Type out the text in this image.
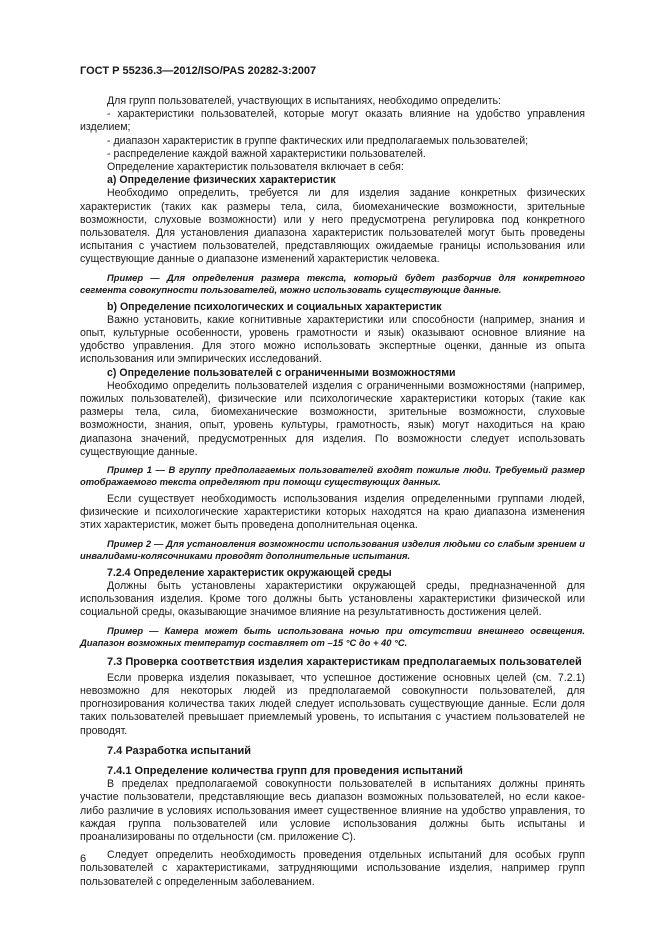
ГОСТ Р 55236.3—2012/ISO/PAS 20282-3:2007

Для групп пользователей, участвующих в испытаниях, необходимо определить:

- характеристики пользователей, которые могут оказать влияние на удобство управления изделием;

- диапазон характеристик в группе фактических или предполагаемых пользователей;

- распределение каждой важной характеристики пользователей.

Определение характеристик пользователя включает в себя:

a) Определение физических характеристик

Необходимо определить, требуется ли для изделия задание конкретных физических характеристик (таких как размеры тела, сила, биомеханические возможности, зрительные возможности, слуховые возможности) или у него предусмотрена регулировка под конкретного пользователя. Для установления диапазона характеристик пользователей могут быть проведены испытания с участием пользователей, представляющих ожидаемые границы использования или существующие данные о диапазоне изменений характеристик человека.

Пример — Для определения размера текста, который будет разборчив для конкретного сегмента совокупности пользователей, можно использовать существующие данные.

b) Определение психологических и социальных характеристик

Важно установить, какие когнитивные характеристики или способности (например, знания и опыт, культурные особенности, уровень грамотности и язык) оказывают основное влияние на удобство управления. Для этого можно использовать экспертные оценки, данные из опыта использования или эмпирических исследований.

c) Определение пользователей с ограниченными возможностями

Необходимо определить пользователей изделия с ограниченными возможностями (например, пожилых пользователей), физические или психологические характеристики которых (такие как размеры тела, сила, биомеханические возможности, зрительные возможности, слуховые возможности, знания, опыт, уровень культуры, грамотность, язык) могут находиться на краю диапазона значений, предусмотренных для изделия. По возможности следует использовать существующие данные.

Пример 1 — В группу предполагаемых пользователей входят пожилые люди. Требуемый размер отображаемого текста определяют при помощи существующих данных.

Если существует необходимость использования изделия определенными группами людей, физические и психологические характеристики которых находятся на краю диапазона изменения этих характеристик, может быть проведена дополнительная оценка.

Пример 2 — Для установления возможности использования изделия людьми со слабым зрением и инвалидами-колясочниками проводят дополнительные испытания.

7.2.4 Определение характеристик окружающей среды

Должны быть установлены характеристики окружающей среды, предназначенной для использования изделия. Кроме того должны быть установлены характеристики физической или социальной среды, оказывающие значимое влияние на результативность достижения целей.

Пример — Камера может быть использована ночью при отсутствии внешнего освещения. Диапазон возможных температур составляет от –15 °C до + 40 °C.

7.3 Проверка соответствия изделия характеристикам предполагаемых пользователей

Если проверка изделия показывает, что успешное достижение основных целей (см. 7.2.1) невозможно для некоторых людей из предполагаемой совокупности пользователей, для прогнозирования количества таких людей следует использовать существующие данные. Если доля таких пользователей превышает приемлемый уровень, то испытания с участием пользователей не проводят.

7.4 Разработка испытаний

7.4.1 Определение количества групп для проведения испытаний

В пределах предполагаемой совокупности пользователей в испытаниях должны принять участие пользователи, представляющие весь диапазон возможных пользователей, но если какое-либо различие в условиях использования имеет существенное влияние на удобство управления, то каждая группа пользователей или условие использования должны быть испытаны и проанализированы по отдельности (см. приложение С).

Следует определить необходимость проведения отдельных испытаний для особых групп пользователей с характеристиками, затрудняющими использование изделия, например групп пользователей с определенным заболеванием.

6
